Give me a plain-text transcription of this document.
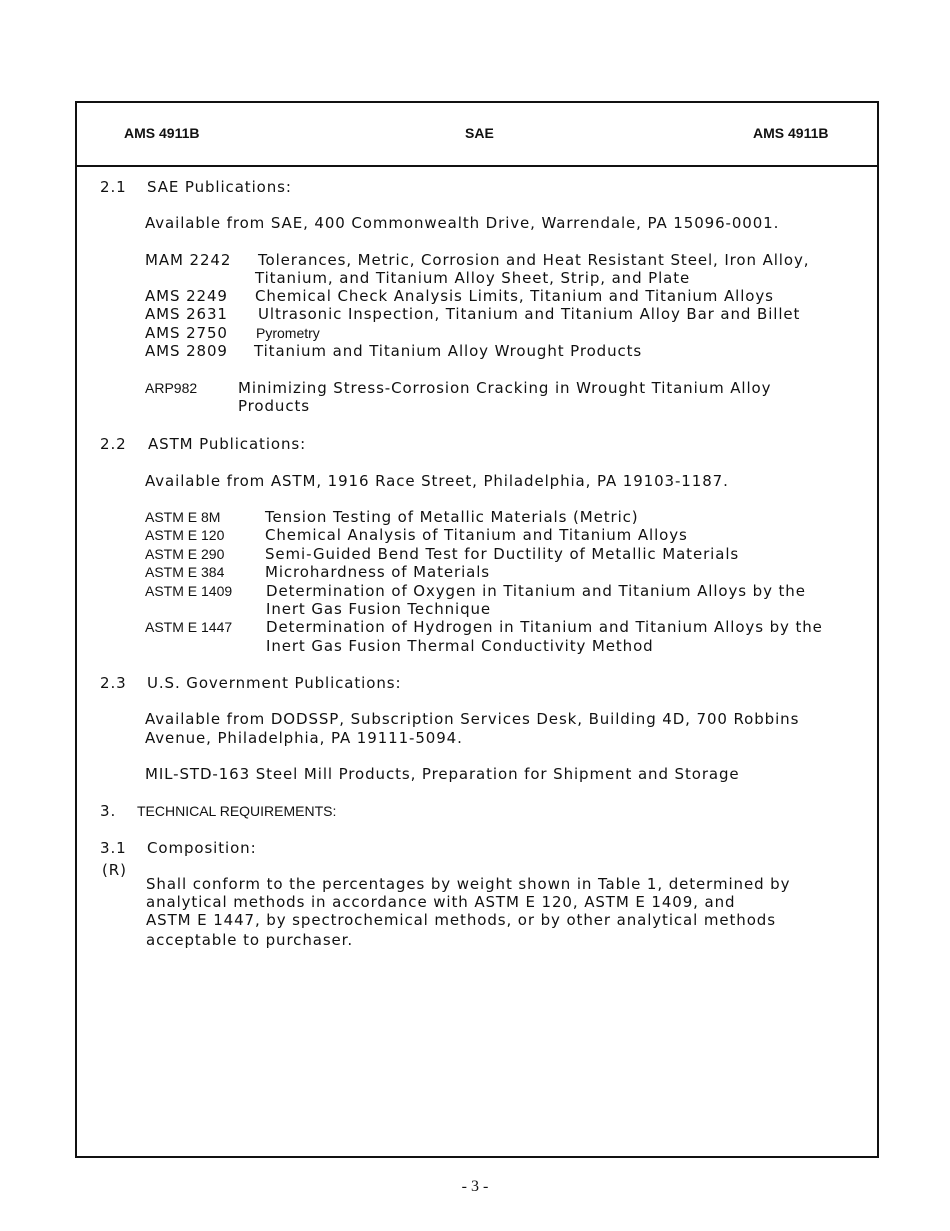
AMS 4911B	SAE	AMS 4911B
2.1 SAE Publications:
Available from SAE, 400 Commonwealth Drive, Warrendale, PA 15096-0001.
MAM 2242 Tolerances, Metric, Corrosion and Heat Resistant Steel, Iron Alloy,
Titanium, and Titanium Alloy Sheet, Strip, and Plate
AMS 2249 Chemical Check Analysis Limits, Titanium and Titanium Alloys
AMS 2631 Ultrasonic Inspection, Titanium and Titanium Alloy Bar and Billet
AMS 2750 Pyrometry
AMS 2809 Titanium and Titanium Alloy Wrought Products
ARP982	Minimizing Stress-Corrosion Cracking in Wrought Titanium Alloy
Products
2.2 ASTM Publications:
Available from ASTM, 1916 Race Street, Philadelphia, PA 19103-1187.
ASTM E 8M	Tension Testing of Metallic Materials (Metric)
ASTM E 120	Chemical Analysis of Titanium and Titanium Alloys
ASTM E 290	Semi-Guided Bend Test for Ductility of Metallic Materials
ASTM E 384	Microhardness of Materials
ASTM E 1409 Determination of Oxygen in Titanium and Titanium Alloys by the
Inert Gas Fusion Technique
ASTM E 1447 Determination of Hydrogen in Titanium and Titanium Alloys by the
Inert Gas Fusion Thermal Conductivity Method
2.3 U.S. Government Publications:
Available from DODSSP, Subscription Services Desk, Building 4D, 700 Robbins
Avenue, Philadelphia, PA 19111-5094.
MIL-STD-163 Steel Mill Products, Preparation for Shipment and Storage
3. TECHNICAL REQUIREMENTS:
3.1 Composition:
(R)
Shall conform to the percentages by weight shown in Table 1, determined by
analytical methods in accordance with ASTM E 120, ASTM E 1409, and
ASTM E 1447, by spectrochemical methods, or by other analytical methods
acceptable to purchaser.
- 3 -
